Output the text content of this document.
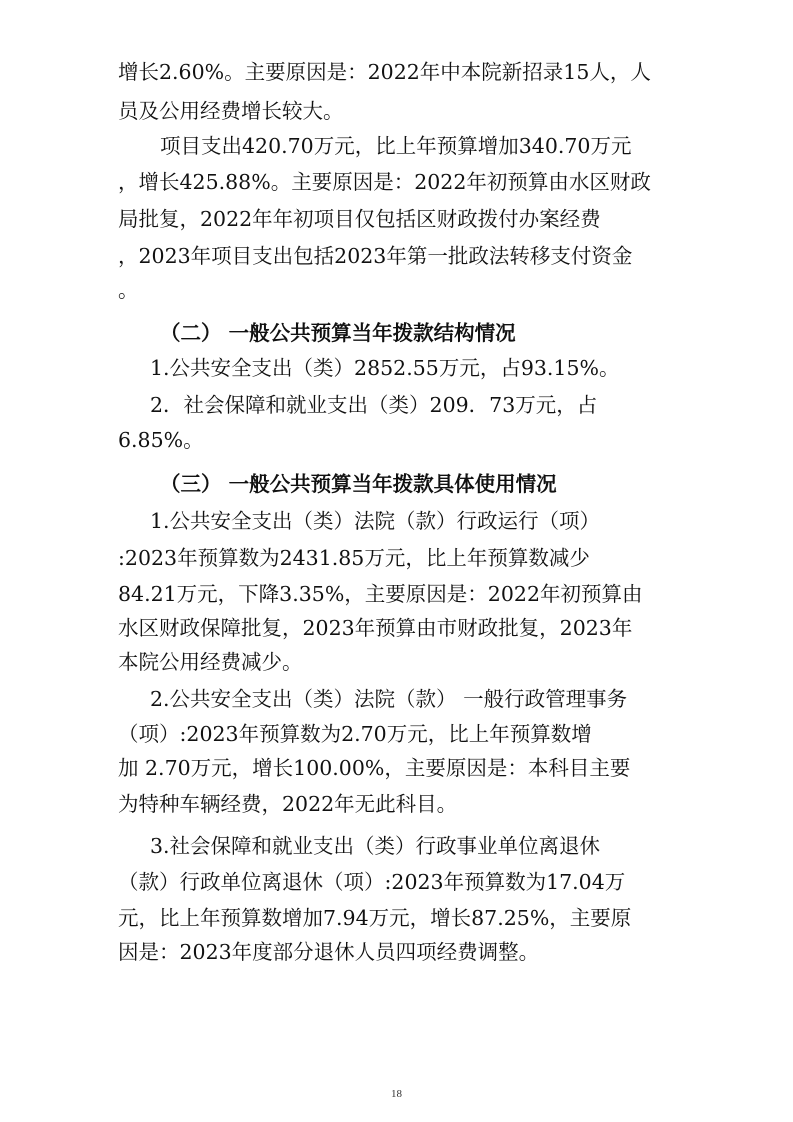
增长2.60%。主要原因是：2022年中本院新招录15人，人
员及公用经费增长较大。
项目支出420.70万元，比上年预算增加340.70万元
，增长425.88%。主要原因是：2022年初预算由水区财政
局批复，2022年年初项目仅包括区财政拨付办案经费
，2023年项目支出包括2023年第一批政法转移支付资金
。
（二） 一般公共预算当年拨款结构情况
1.公共安全支出（类）2852.55万元，占93.15%。
2．社会保障和就业支出（类）209．73万元，占
6.85%。
（三） 一般公共预算当年拨款具体使用情况
1.公共安全支出（类）法院（款）行政运行（项）
:2023年预算数为2431.85万元，比上年预算数减少
84.21万元，下降3.35%，主要原因是：2022年初预算由
水区财政保障批复，2023年预算由市财政批复，2023年
本院公用经费减少。
2.公共安全支出（类）法院（款） 一般行政管理事务
（项）:2023年预算数为2.70万元，比上年预算数增
加 2.70万元，增长100.00%，主要原因是：本科目主要
为特种车辆经费，2022年无此科目。
3.社会保障和就业支出（类）行政事业单位离退休
（款）行政单位离退休（项）:2023年预算数为17.04万
元，比上年预算数增加7.94万元，增长87.25%，主要原
因是：2023年度部分退休人员四项经费调整。
18
